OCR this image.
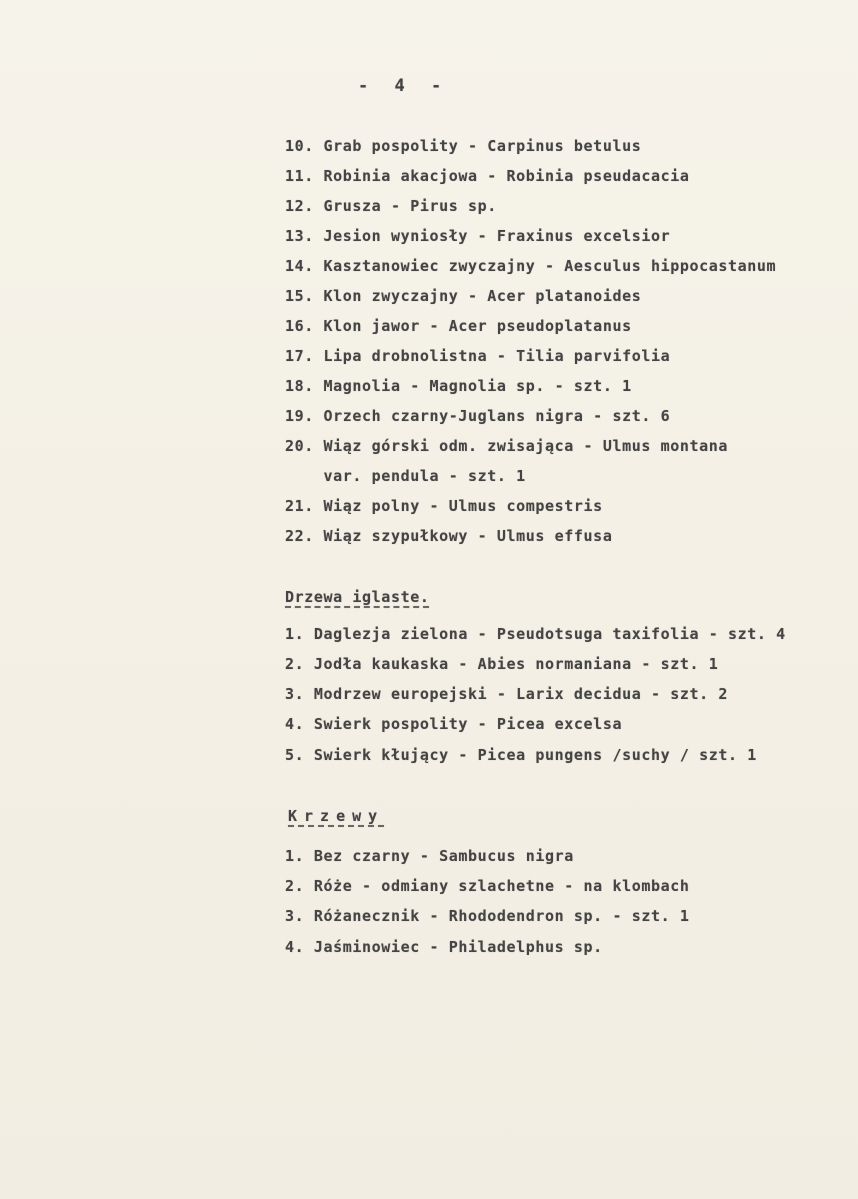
- 4 -
10. Grab pospolity - Carpinus betulus
11. Robinia akacjowa - Robinia pseudacacia
12. Grusza - Pirus sp.
13. Jesion wyniosły - Fraxinus excelsior
14. Kasztanowiec zwyczajny - Aesculus hippocastanum
15. Klon zwyczajny - Acer platanoides
16. Klon jawor - Acer pseudoplatanus
17. Lipa drobnolistna - Tilia parvifolia
18. Magnolia - Magnolia sp. - szt. 1
19. Orzech czarny-Juglans nigra - szt. 6
20. Wiąz górski odm. zwisająca - Ulmus montana
var. pendula - szt. 1
21. Wiąz polny - Ulmus compestris
22. Wiąz szypułkowy - Ulmus effusa
Drzewa iglaste.
1. Daglezja zielona - Pseudotsuga taxifolia - szt. 4
2. Jodła kaukaska - Abies normaniana - szt. 1
3. Modrzew europejski - Larix decidua - szt. 2
4. Swierk pospolity - Picea excelsa
5. Swierk kłujący - Picea pungens /suchy / szt. 1
Krzewy
1. Bez czarny - Sambucus nigra
2. Róże - odmiany szlachetne - na klombach
3. Różanecznik - Rhododendron sp. - szt. 1
4. Jaśminowiec - Philadelphus sp.
